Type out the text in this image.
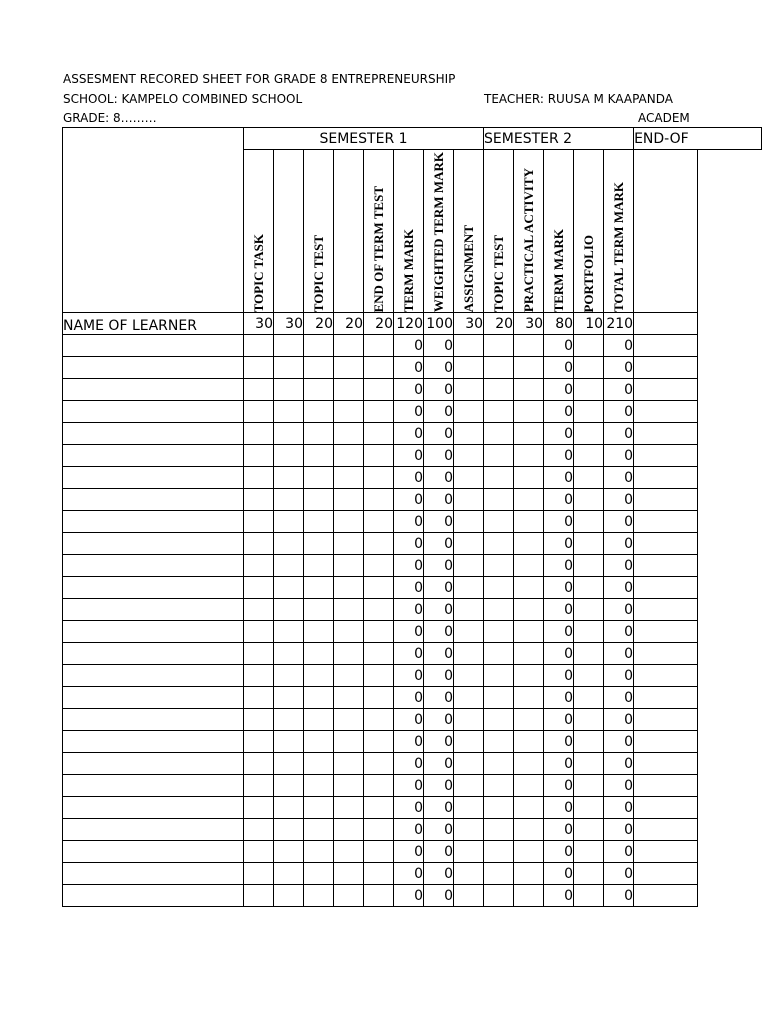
ASSESMENT RECORED SHEET FOR GRADE 8 ENTREPRENEURSHIP
SCHOOL: KAMPELO COMBINED SCHOOL	TEACHER: RUUSA M KAAPANDA
GRADE: 8………	ACADEM
	SEMESTER 1								SEMESTER 2					END-OF

	TOPIC TASK		TOPIC TEST		END OF TERM TEST	TERM MARK	WEIGHTED TERM MARK	ASSIGNMENT	TOPIC TEST	PRACTICAL ACTIVITY	TERM MARK	PORTFOLIO	TOTAL TERM MARK	

NAME OF LEARNER	30	30	20	20	20	120	100	30	20	30	80	10	210	
						0	0				0		0	
						0	0				0		0	
						0	0				0		0	
						0	0				0		0	
						0	0				0		0	
						0	0				0		0	
						0	0				0		0	
						0	0				0		0	
						0	0				0		0	
						0	0				0		0	
						0	0				0		0	
						0	0				0		0	
						0	0				0		0	
						0	0				0		0	
						0	0				0		0	
						0	0				0		0	
						0	0				0		0	
						0	0				0		0	
						0	0				0		0	
						0	0				0		0	
						0	0				0		0	
						0	0				0		0	
						0	0				0		0	
						0	0				0		0	
						0	0				0		0	
						0	0				0		0	
